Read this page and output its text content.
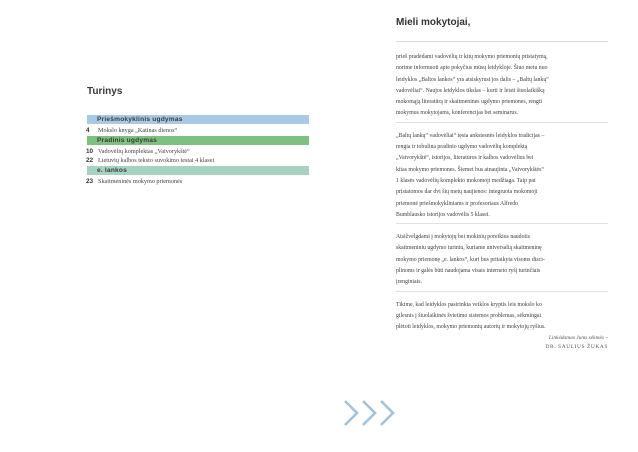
Turinys
Priešmokyklinis ugdymas
4	Mokslo knyga „Katinas dienos“
Pradinis ugdymas
10 Vadovėlių komplektas „Vaivorykštė“
22 Lietuvių kalbos teksto suvokimo testai 4 klasei
e. lankos
23 Skaitmeninės mokymo priemonės
Mieli mokytojai,
prieš pradėdami vadovėlių ir kitų mokymo priemonių pristatymą,
norime informuoti apie pokyčius mūsų leidykloje. Šiuo metu nuo
leidyklos „Baltos lankos“ yra atsiskyrusi jos dalis – „Baltų lankų“
vadovėliai“. Naujos leidyklos tikslas – kurti ir leisti šiuolaikišką
mokomąją literatūrą ir skaitmenines ugdymo priemones, rengti
mokymus mokytojams, konferencijas bei seminarus.
„Baltų lankų“ vadovėliai“ tęsia ankstesnės leidyklos tradicijas –
rengia ir tobulina pradinio ugdymo vadovėlių komplektą
„Vaivorykštė“, istorijos, literatūros ir kalbos vadovėlius bei
kitas mokymo priemones. Šiemet bus atnaujinta „Vaivorykštės“
1 klasės vadovėlių komplekto mokomoji medžiaga. Taip pat
pristatomos dar dvi šių metų naujienos: integruota mokomoji
priemonė priešmokykliniams ir profesoriaus Alfredo
Bumblausko istorijos vadovėlis 5 klasei.
Atsižvelgdami į mokytojų bei mokinių poreikius naudotis
skaitmeniniu ugdymo turiniu, kuriame universalią skaitmeninę
mokymo priemonę „e. lankos“, kuri bus pritaikyta visoms disci-
plinoms ir galės būti naudojama visais interneto ryšį turinčiais
įrenginiais.
Tikime, kad leidyklos pasirinkta veiklos kryptis leis mokslo ko
gilesnis į šiuolaikinės švietimo sistemos problemas, sėkmingai
plėtoti leidyklos, mokymo priemonių autorių ir mokytojų ryšius.
Linkėdamas Jums sėkmės –
DR. SAULIUS ŽUKAS
